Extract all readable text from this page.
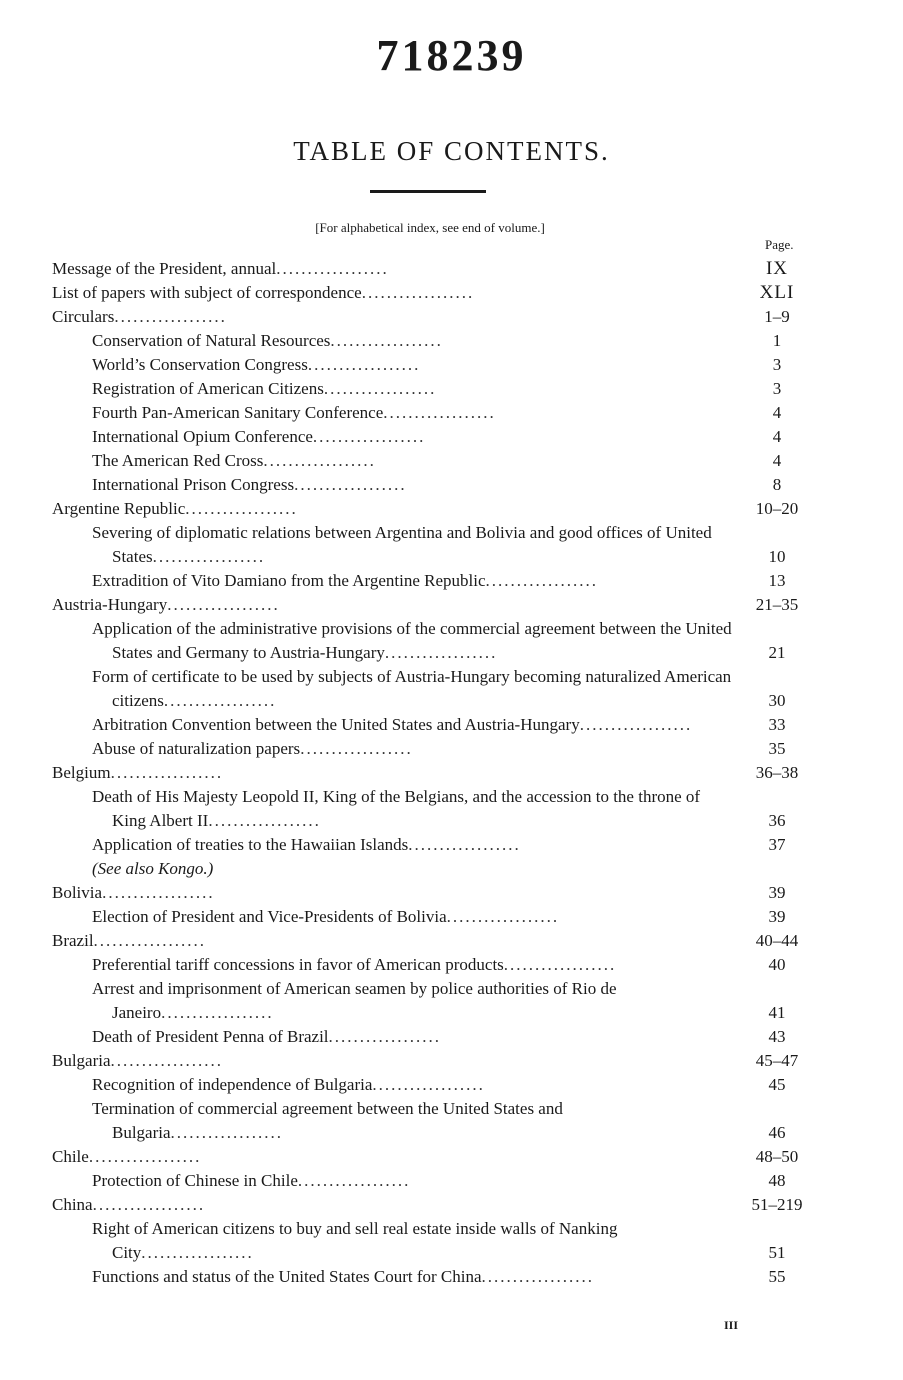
718239
TABLE OF CONTENTS.
[For alphabetical index, see end of volume.]
Page.
Message of the President, annual..................	IX
List of papers with subject of correspondence..................	XLI
Circulars..................	1–9
Conservation of Natural Resources..................	1
World’s Conservation Congress..................	3
Registration of American Citizens..................	3
Fourth Pan-American Sanitary Conference..................	4
International Opium Conference..................	4
The American Red Cross..................	4
International Prison Congress..................	8
Argentine Republic..................	10–20
Severing of diplomatic relations between Argentina and Bolivia and good offices of United States..................	10
Extradition of Vito Damiano from the Argentine Republic..................	13
Austria-Hungary..................	21–35
Application of the administrative provisions of the commercial agreement between the United States and Germany to Austria-Hungary..................	21
Form of certificate to be used by subjects of Austria-Hungary becoming naturalized American citizens..................	30
Arbitration Convention between the United States and Austria-Hungary..................	33
Abuse of naturalization papers..................	35
Belgium..................	36–38
Death of His Majesty Leopold II, King of the Belgians, and the accession to the throne of King Albert II..................	36
Application of treaties to the Hawaiian Islands..................	37
(See also Kongo.)
Bolivia..................	39
Election of President and Vice-Presidents of Bolivia..................	39
Brazil..................	40–44
Preferential tariff concessions in favor of American products..................	40
Arrest and imprisonment of American seamen by police authorities of Rio de Janeiro..................	41
Death of President Penna of Brazil..................	43
Bulgaria..................	45–47
Recognition of independence of Bulgaria..................	45
Termination of commercial agreement between the United States and Bulgaria..................	46
Chile..................	48–50
Protection of Chinese in Chile..................	48
China..................	51–219
Right of American citizens to buy and sell real estate inside walls of Nanking City..................	51
Functions and status of the United States Court for China..................	55
III
